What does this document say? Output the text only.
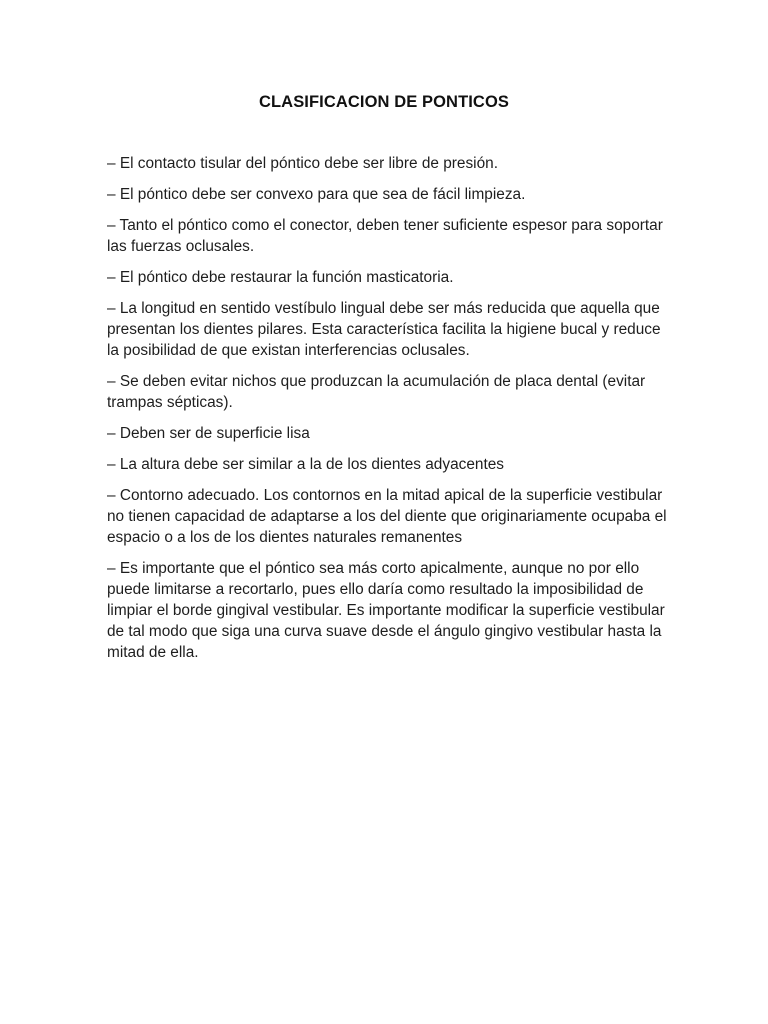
CLASIFICACION DE PONTICOS

– El contacto tisular del póntico debe ser libre de presión.

– El póntico debe ser convexo para que sea de fácil limpieza.

– Tanto el póntico como el conector, deben tener suficiente espesor para soportar las fuerzas oclusales.

– El póntico debe restaurar la función masticatoria.

– La longitud en sentido vestíbulo lingual debe ser más reducida que aquella que presentan los dientes pilares. Esta característica facilita la higiene bucal y reduce la posibilidad de que existan interferencias oclusales.

– Se deben evitar nichos que produzcan la acumulación de placa dental (evitar trampas sépticas).

– Deben ser de superficie lisa

– La altura debe ser similar a la de los dientes adyacentes

– Contorno adecuado. Los contornos en la mitad apical de la superficie vestibular no tienen capacidad de adaptarse a los del diente que originariamente ocupaba el espacio o a los de los dientes naturales remanentes

– Es importante que el póntico sea más corto apicalmente, aunque no por ello puede limitarse a recortarlo, pues ello daría como resultado la imposibilidad de limpiar el borde gingival vestibular. Es importante modificar la superficie vestibular de tal modo que siga una curva suave desde el ángulo gingivo vestibular hasta la mitad de ella.
